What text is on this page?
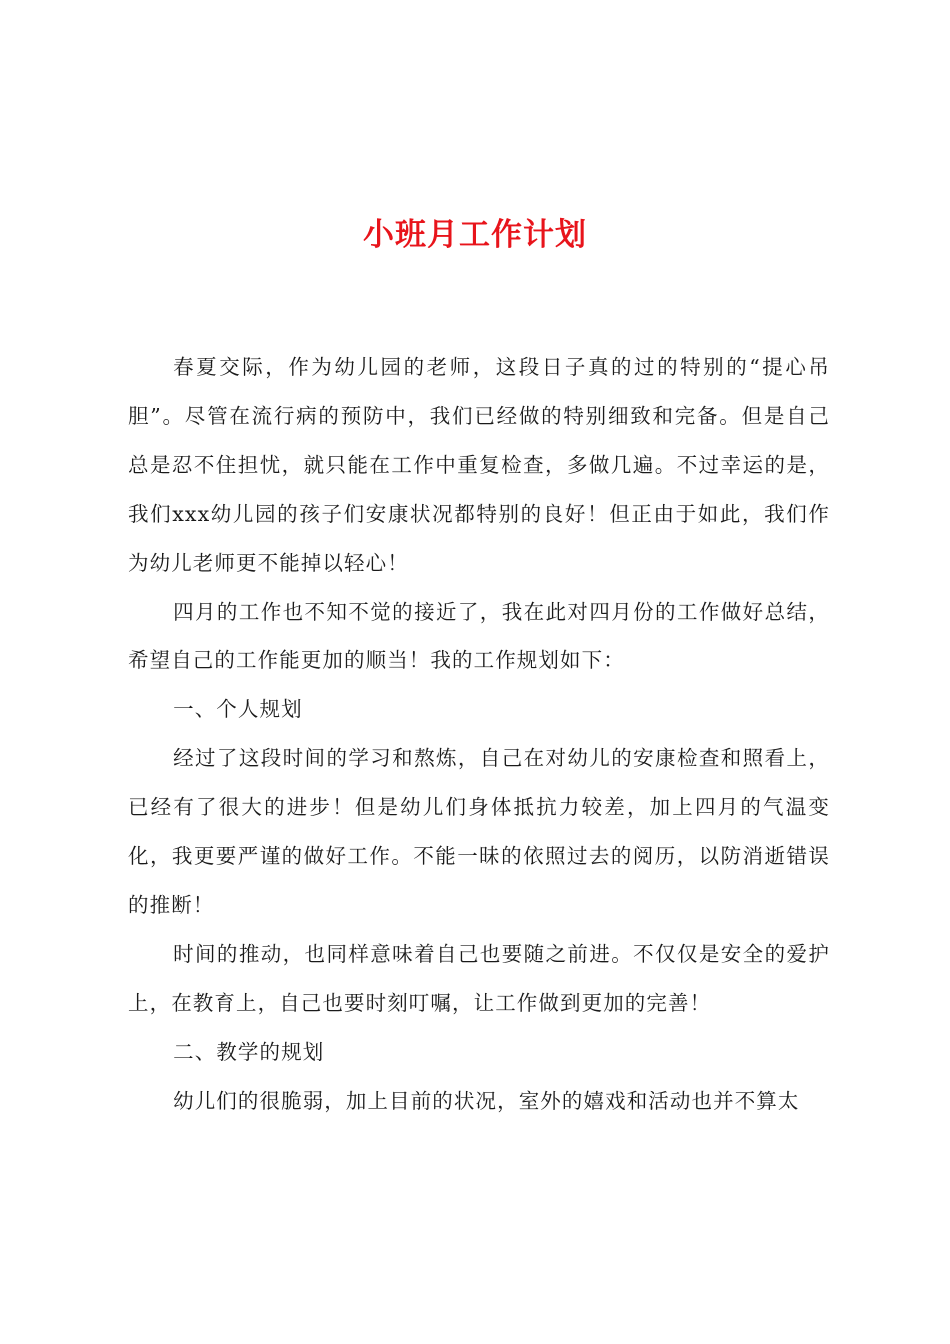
小班月工作计划

春夏交际，作为幼儿园的老师，这段日子真的过的特别的“提心吊胆”。尽管在流行病的预防中，我们已经做的特别细致和完备。但是自己总是忍不住担忧，就只能在工作中重复检查，多做几遍。不过幸运的是，我们xxx幼儿园的孩子们安康状况都特别的良好！但正由于如此，我们作为幼儿老师更不能掉以轻心！

四月的工作也不知不觉的接近了，我在此对四月份的工作做好总结，希望自己的工作能更加的顺当！我的工作规划如下：

一、个人规划

经过了这段时间的学习和熬炼，自己在对幼儿的安康检查和照看上，已经有了很大的进步！但是幼儿们身体抵抗力较差，加上四月的气温变化，我更要严谨的做好工作。不能一昧的依照过去的阅历，以防消逝错误的推断！

时间的推动，也同样意味着自己也要随之前进。不仅仅是安全的爱护上，在教育上，自己也要时刻叮嘱，让工作做到更加的完善！

二、教学的规划

幼儿们的很脆弱，加上目前的状况，室外的嬉戏和活动也并不算太
